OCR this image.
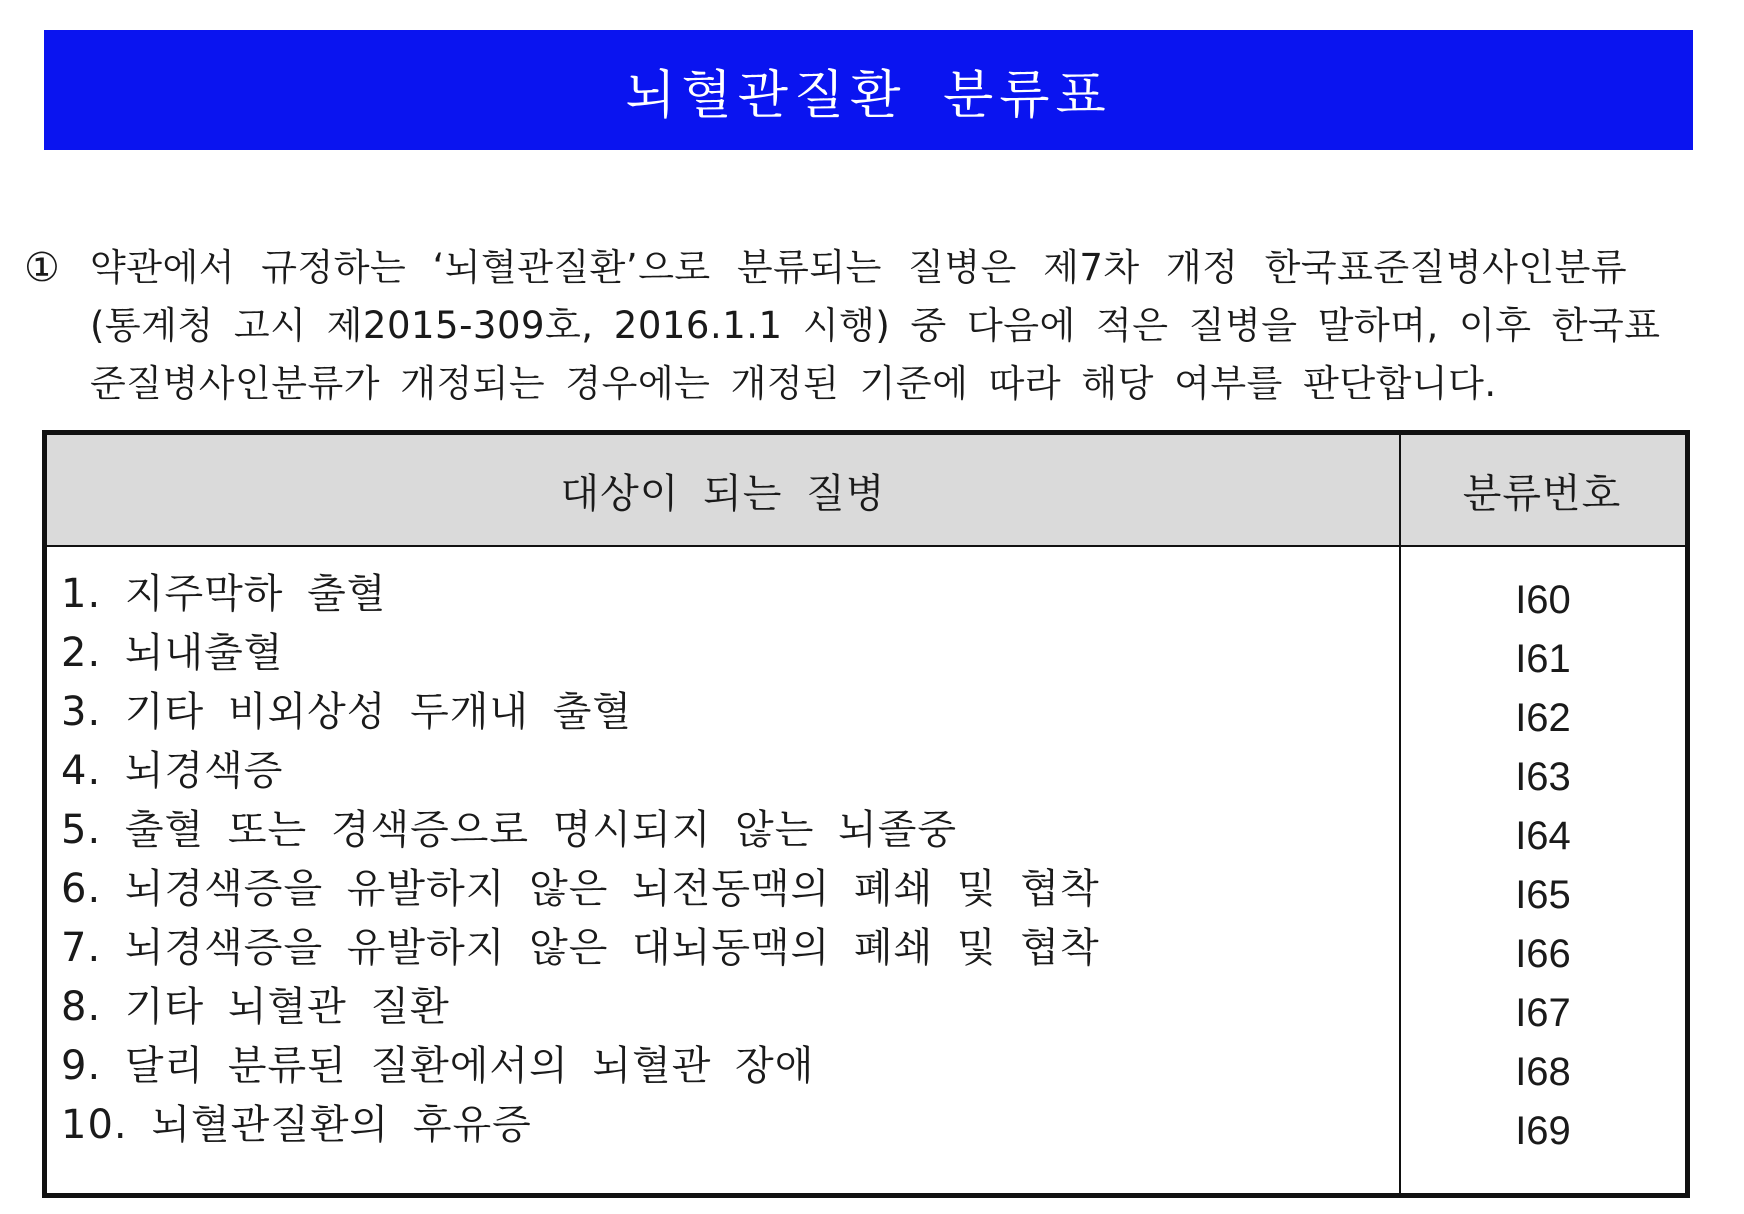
뇌혈관질환 분류표
① 약관에서 규정하는 ‘뇌혈관질환’으로 분류되는 질병은 제7차 개정 한국표준질병사인분류
(통계청 고시 제2015-309호, 2016.1.1 시행) 중 다음에 적은 질병을 말하며, 이후 한국표
준질병사인분류가 개정되는 경우에는 개정된 기준에 따라 해당 여부를 판단합니다.
대상이 되는 질병	분류번호
1. 지주막하 출혈	I60
2. 뇌내출혈	I61
3. 기타 비외상성 두개내 출혈	I62
4. 뇌경색증	I63
5. 출혈 또는 경색증으로 명시되지 않는 뇌졸중	I64
6. 뇌경색증을 유발하지 않은 뇌전동맥의 폐쇄 및 협착	I65
7. 뇌경색증을 유발하지 않은 대뇌동맥의 폐쇄 및 협착	I66
8. 기타 뇌혈관 질환	I67
9. 달리 분류된 질환에서의 뇌혈관 장애	I68
10. 뇌혈관질환의 후유증	I69
